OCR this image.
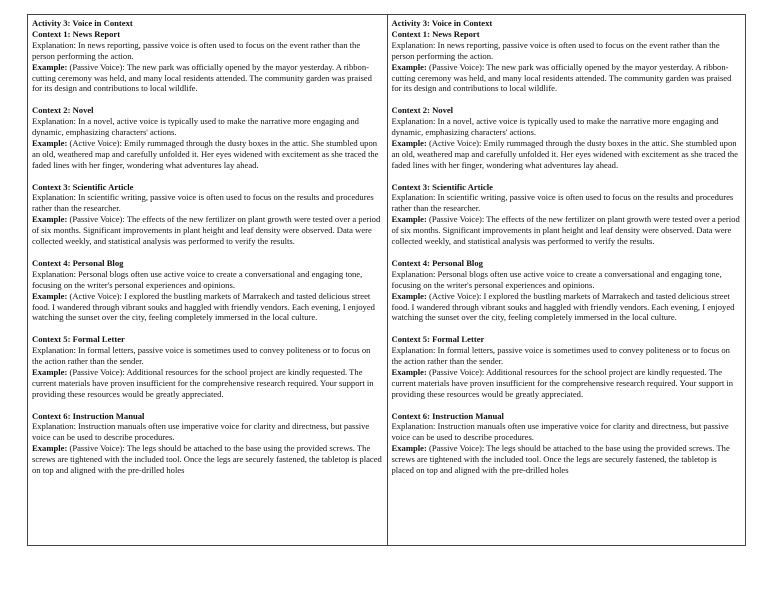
Activity 3: Voice in Context
Context 1: News Report
Explanation: In news reporting, passive voice is often used to focus on the event rather than the person performing the action.
Example: (Passive Voice): The new park was officially opened by the mayor yesterday. A ribbon-cutting ceremony was held, and many local residents attended. The community garden was praised for its design and contributions to local wildlife.
Context 2: Novel
Explanation: In a novel, active voice is typically used to make the narrative more engaging and dynamic, emphasizing characters' actions.
Example: (Active Voice): Emily rummaged through the dusty boxes in the attic. She stumbled upon an old, weathered map and carefully unfolded it. Her eyes widened with excitement as she traced the faded lines with her finger, wondering what adventures lay ahead.
Context 3: Scientific Article
Explanation: In scientific writing, passive voice is often used to focus on the results and procedures rather than the researcher.
Example: (Passive Voice): The effects of the new fertilizer on plant growth were tested over a period of six months. Significant improvements in plant height and leaf density were observed. Data were collected weekly, and statistical analysis was performed to verify the results.
Context 4: Personal Blog
Explanation: Personal blogs often use active voice to create a conversational and engaging tone, focusing on the writer's personal experiences and opinions.
Example: (Active Voice): I explored the bustling markets of Marrakech and tasted delicious street food. I wandered through vibrant souks and haggled with friendly vendors. Each evening, I enjoyed watching the sunset over the city, feeling completely immersed in the local culture.
Context 5: Formal Letter
Explanation: In formal letters, passive voice is sometimes used to convey politeness or to focus on the action rather than the sender.
Example: (Passive Voice): Additional resources for the school project are kindly requested. The current materials have proven insufficient for the comprehensive research required. Your support in providing these resources would be greatly appreciated.
Context 6: Instruction Manual
Explanation: Instruction manuals often use imperative voice for clarity and directness, but passive voice can be used to describe procedures.
Example: (Passive Voice): The legs should be attached to the base using the provided screws. The screws are tightened with the included tool. Once the legs are securely fastened, the tabletop is placed on top and aligned with the pre-drilled holes
Activity 3: Voice in Context
Context 1: News Report
Explanation: In news reporting, passive voice is often used to focus on the event rather than the person performing the action.
Example: (Passive Voice): The new park was officially opened by the mayor yesterday. A ribbon-cutting ceremony was held, and many local residents attended. The community garden was praised for its design and contributions to local wildlife.
Context 2: Novel
Explanation: In a novel, active voice is typically used to make the narrative more engaging and dynamic, emphasizing characters' actions.
Example: (Active Voice): Emily rummaged through the dusty boxes in the attic. She stumbled upon an old, weathered map and carefully unfolded it. Her eyes widened with excitement as she traced the faded lines with her finger, wondering what adventures lay ahead.
Context 3: Scientific Article
Explanation: In scientific writing, passive voice is often used to focus on the results and procedures rather than the researcher.
Example: (Passive Voice): The effects of the new fertilizer on plant growth were tested over a period of six months. Significant improvements in plant height and leaf density were observed. Data were collected weekly, and statistical analysis was performed to verify the results.
Context 4: Personal Blog
Explanation: Personal blogs often use active voice to create a conversational and engaging tone, focusing on the writer's personal experiences and opinions.
Example: (Active Voice): I explored the bustling markets of Marrakech and tasted delicious street food. I wandered through vibrant souks and haggled with friendly vendors. Each evening, I enjoyed watching the sunset over the city, feeling completely immersed in the local culture.
Context 5: Formal Letter
Explanation: In formal letters, passive voice is sometimes used to convey politeness or to focus on the action rather than the sender.
Example: (Passive Voice): Additional resources for the school project are kindly requested. The current materials have proven insufficient for the comprehensive research required. Your support in providing these resources would be greatly appreciated.
Context 6: Instruction Manual
Explanation: Instruction manuals often use imperative voice for clarity and directness, but passive voice can be used to describe procedures.
Example: (Passive Voice): The legs should be attached to the base using the provided screws. The screws are tightened with the included tool. Once the legs are securely fastened, the tabletop is placed on top and aligned with the pre-drilled holes
